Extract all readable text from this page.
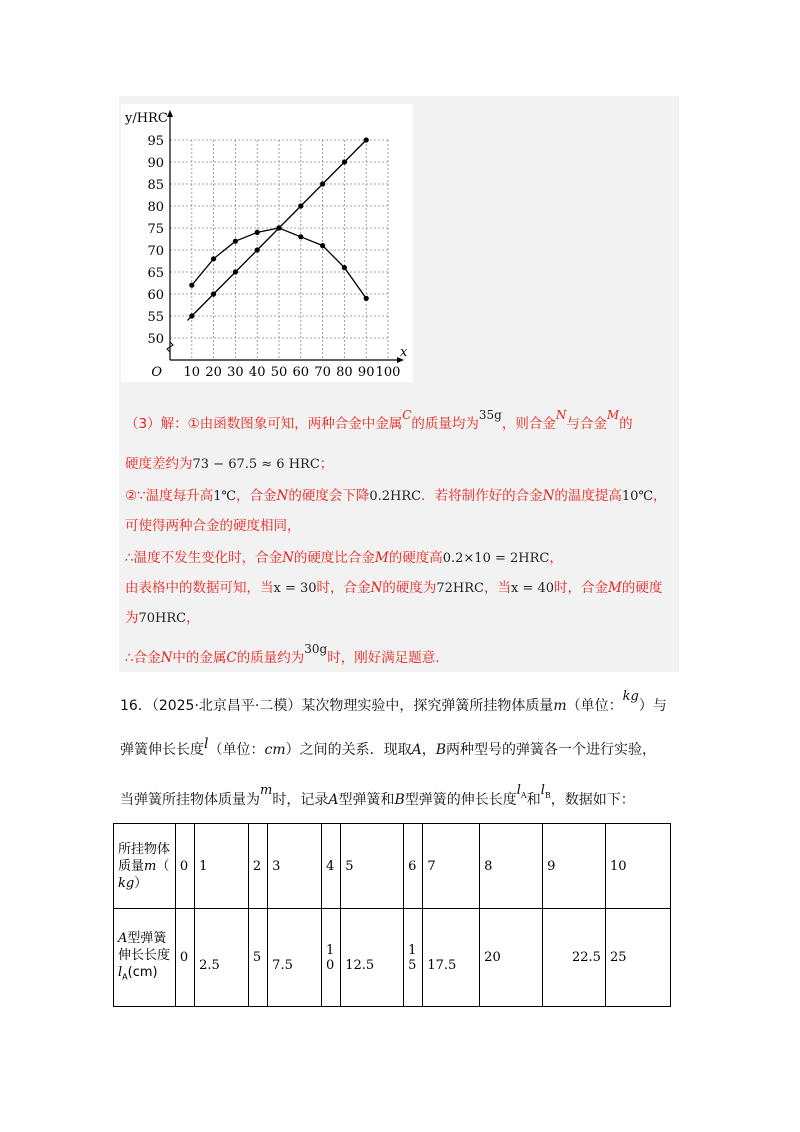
10 20 30 40 50 60 70 80 90 100
50
55
60
65
70
75
80
85
90
95
O
x
y/HRC
（3）解：①由函数图象可知，两种合金中金属C的质量均为35g，则合金N与合金M的
硬度差约为73 − 67.5 ≈ 6 HRC；
②∵温度每升高1℃，合金N的硬度会下降0.2HRC．若将制作好的合金N的温度提高10℃，
可使得两种合金的硬度相同，
∴温度不发生变化时，合金N的硬度比合金M的硬度高0.2×10 = 2HRC，
由表格中的数据可知，当x = 30时，合金N的硬度为72HRC，当x = 40时，合金M的硬度
为70HRC，
∴合金N中的金属C的质量约为30g时，刚好满足题意.
16．（2025·北京昌平·二模）某次物理实验中，探究弹簧所挂物体质量m（单位：kg）与
弹簧伸长长度l（单位：cm）之间的关系．现取A，B两种型号的弹簧各一个进行实验，
当弹簧所挂物体质量为m时，记录A型弹簧和B型弹簧的伸长长度$l_A$和$l_B$，数据如下：
所挂物体质量m（
kg）	0	1	2	3	4	5	6	7	8	9	10
A型弹簧伸长长度
$l_A(cm)$	0	2.5	5	7.5	1 0	12.5	1 5	17.5	20	22.5	25
